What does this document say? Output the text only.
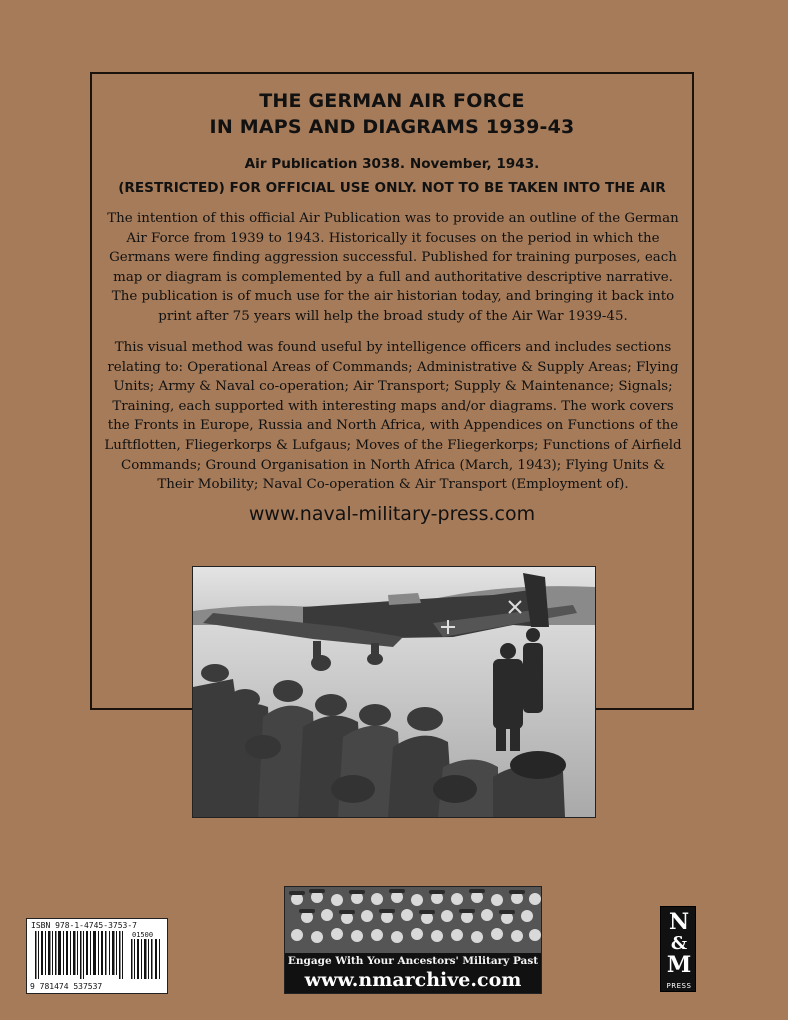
THE GERMAN AIR FORCE
IN MAPS AND DIAGRAMS 1939-43
Air Publication 3038. November, 1943.
(RESTRICTED) FOR OFFICIAL USE ONLY. NOT TO BE TAKEN INTO THE AIR

The intention of this official Air Publication was to provide an outline of the German Air Force from 1939 to 1943. Historically it focuses on the period in which the Germans were finding aggression successful. Published for training purposes, each map or diagram is complemented by a full and authoritative descriptive narrative. The publication is of much use for the air historian today, and bringing it back into print after 75 years will help the broad study of the Air War 1939-45.

This visual method was found useful by intelligence officers and includes sections relating to: Operational Areas of Commands; Administrative & Supply Areas; Flying Units; Army & Naval co-operation; Air Transport; Supply & Maintenance; Signals; Training, each supported with interesting maps and/or diagrams. The work covers the Fronts in Europe, Russia and North Africa, with Appendices on Functions of the Luftflotten, Fliegerkorps & Lufgaus; Moves of the Fliegerkorps; Functions of Airfield Commands; Ground Organisation in North Africa (March, 1943); Flying Units & Their Mobility; Naval Co-operation & Air Transport (Employment of).

www.naval-military-press.com
ISBN 978-1-4745-3753-7
01500
9 781474 537537
Engage With Your Ancestors' Military Past
www.nmarchive.com
N
&
M
PRESS
